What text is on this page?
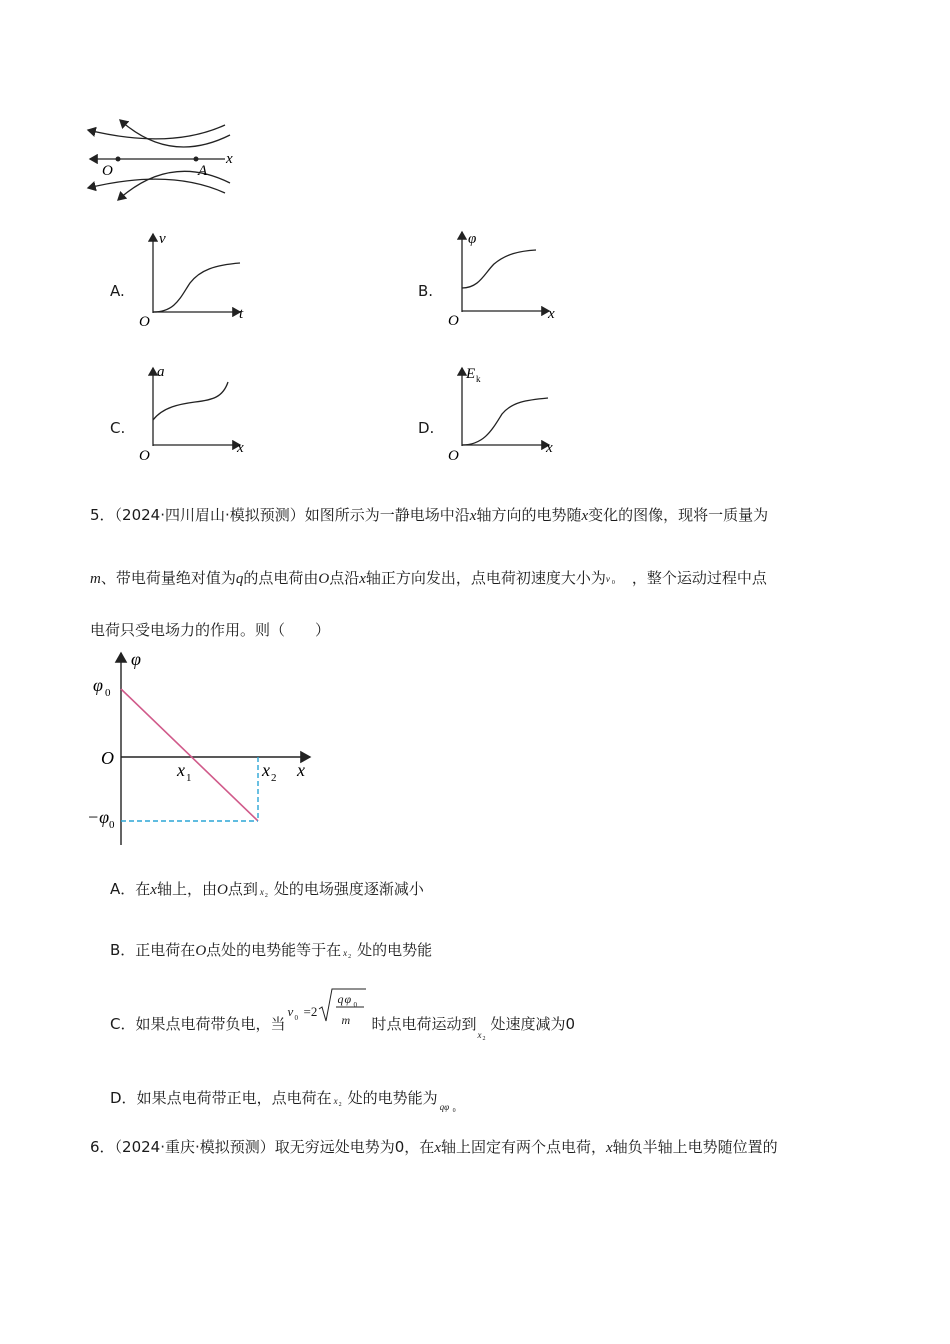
O	A
x
A.
v
t
O
B.
φ
x
O
C.
a
x
O
D.
E k
x
O
5．（2024·四川眉山·模拟预测）如图所示为一静电场中沿x轴方向的电势随x变化的图像，现将一质量为
m、带电荷量绝对值为q的点电荷由O点沿x轴正方向发出，点电荷初速度大小为 v 0 ，整个运动过程中点
电荷只受电场力的作用。则（　　）
φ
φ 0
O
x 1	x 2 x
−φ 0
A．在x轴上，由O点到 x 2 处的电场强度逐渐减小
B．正电荷在O点处的电势能等于在 x 2 处的电势能
C．如果点电荷带负电，当
v 0 =2
q φ 0
m 时点电荷运动到
x 2
处速度减为0
D．如果点电荷带正电，点电荷在 x 2 处的电势能为 qφ 0
6．（2024·重庆·模拟预测）取无穷远处电势为0，在x轴上固定有两个点电荷，x轴负半轴上电势随位置的
